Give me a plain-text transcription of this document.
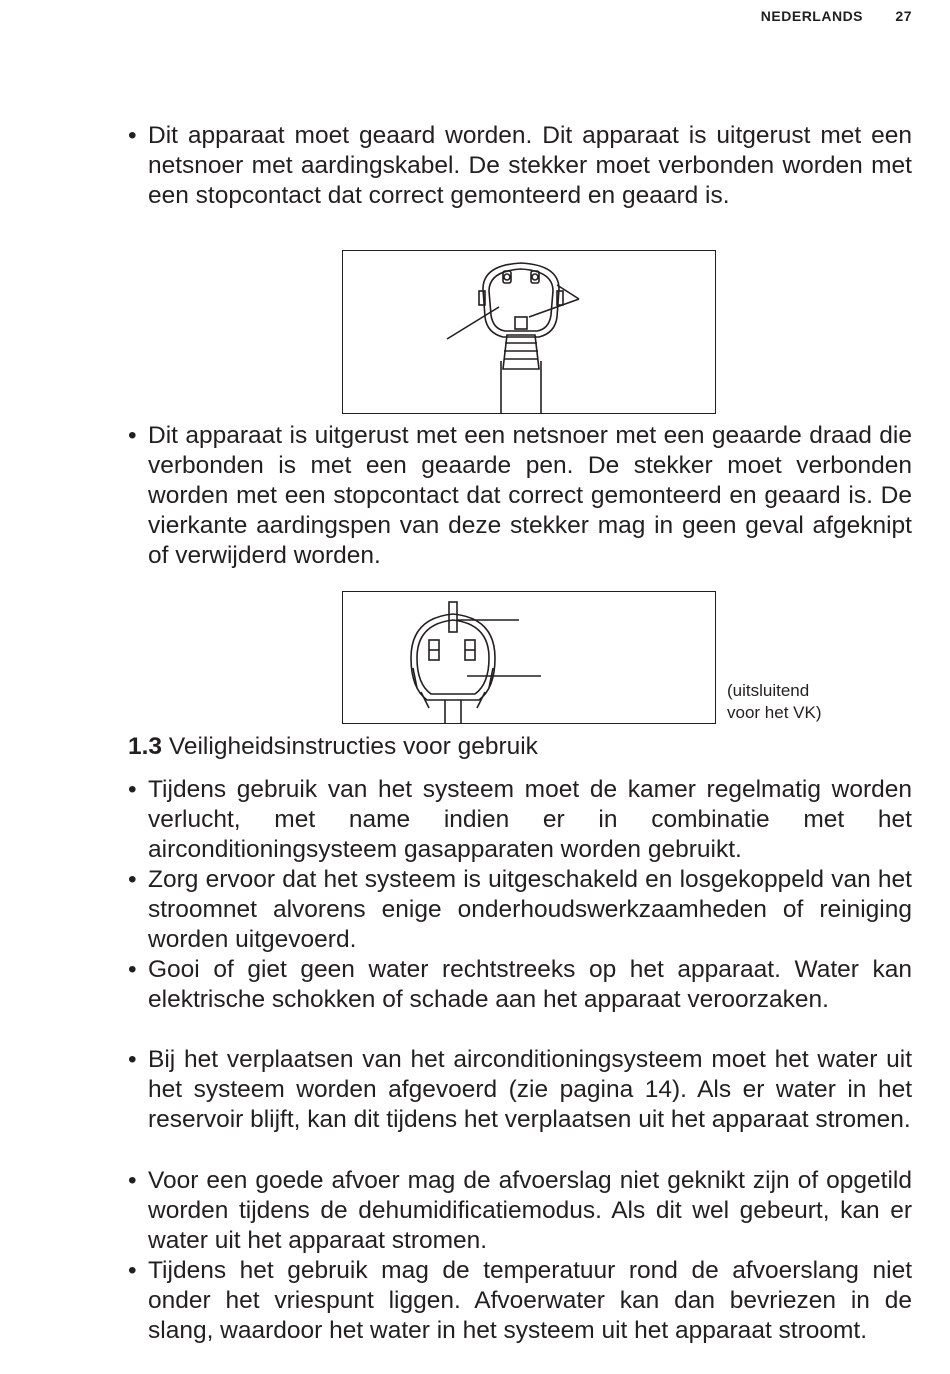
NEDERLANDS 27
• Dit apparaat moet geaard worden. Dit apparaat is uitgerust met een netsnoer met aardingskabel. De stekker moet verbonden worden met een stopcontact dat correct gemonteerd en geaard is.
• Dit apparaat is uitgerust met een netsnoer met een geaarde draad die verbonden is met een geaarde pen. De stekker moet verbonden worden met een stopcontact dat correct gemonteerd en geaard is. De vierkante aardingspen van deze stekker mag in geen geval afgeknipt of verwijderd worden.
(uitsluitend
voor het VK)
1.3 Veiligheidsinstructies voor gebruik
• Tijdens gebruik van het systeem moet de kamer regelmatig worden verlucht, met name indien er in combinatie met het airconditioningsysteem gasapparaten worden gebruikt.
• Zorg ervoor dat het systeem is uitgeschakeld en losgekoppeld van het stroomnet alvorens enige onderhoudswerkzaamheden of reiniging worden uitgevoerd.
• Gooi of giet geen water rechtstreeks op het apparaat. Water kan elektrische schokken of schade aan het apparaat veroorzaken.
• Bij het verplaatsen van het airconditioningsysteem moet het water uit het systeem worden afgevoerd (zie pagina 14). Als er water in het reservoir blijft, kan dit tijdens het verplaatsen uit het apparaat stromen.
• Voor een goede afvoer mag de afvoerslag niet geknikt zijn of opgetild worden tijdens de dehumidificatiemodus. Als dit wel gebeurt, kan er water uit het apparaat stromen.
• Tijdens het gebruik mag de temperatuur rond de afvoerslang niet onder het vriespunt liggen. Afvoerwater kan dan bevriezen in de slang, waardoor het water in het systeem uit het apparaat stroomt.
